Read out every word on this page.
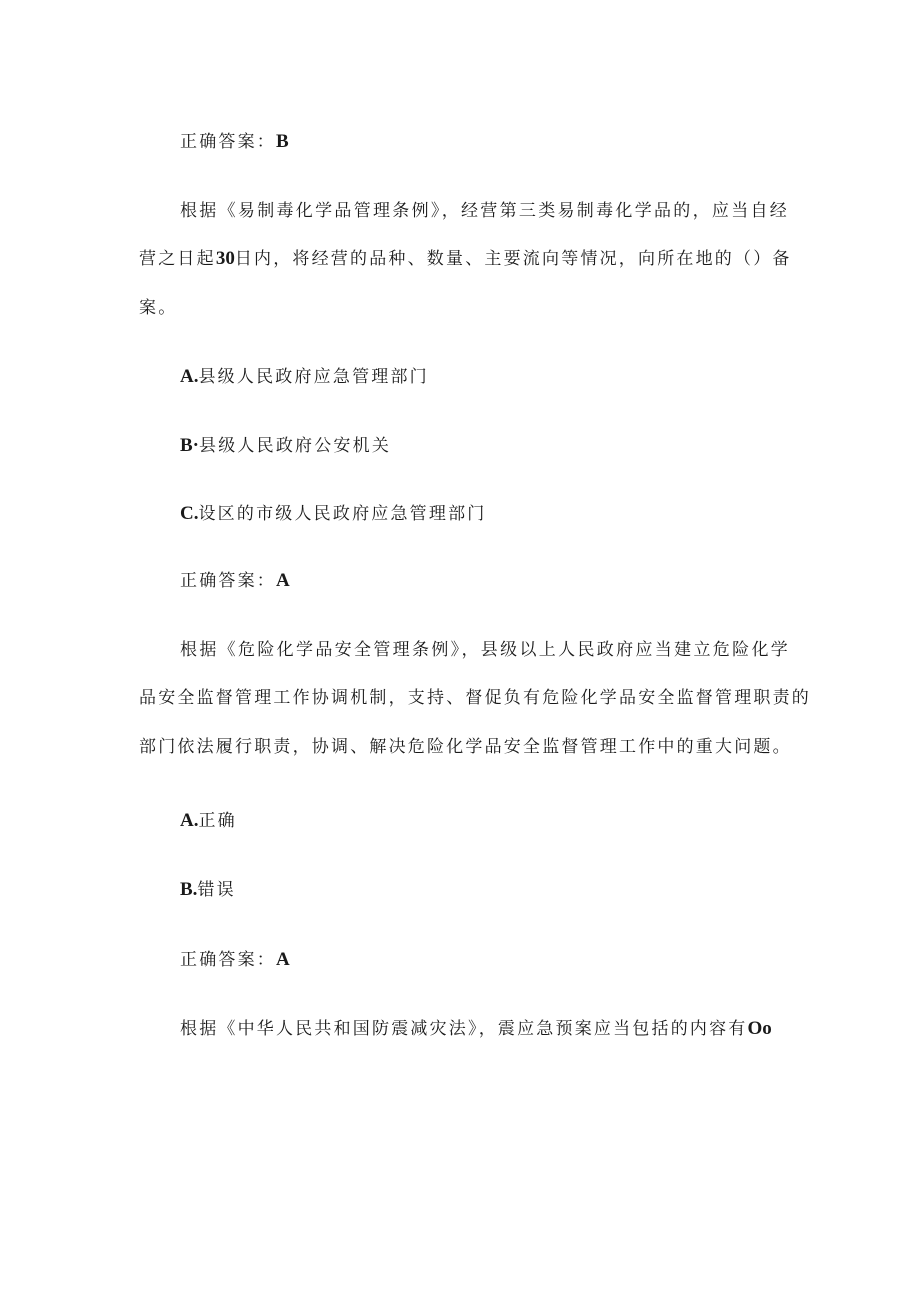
正确答案：B
根据《易制毒化学品管理条例》，经营第三类易制毒化学品的，应当自经
营之日起30日内，将经营的品种、数量、主要流向等情况，向所在地的（）备
案。
A.县级人民政府应急管理部门
B·县级人民政府公安机关
C.设区的市级人民政府应急管理部门
正确答案：A
根据《危险化学品安全管理条例》，县级以上人民政府应当建立危险化学
品安全监督管理工作协调机制，支持、督促负有危险化学品安全监督管理职责的
部门依法履行职责，协调、解决危险化学品安全监督管理工作中的重大问题。
A.正确
B.错误
正确答案：A
根据《中华人民共和国防震减灾法》，震应急预案应当包括的内容有Oo
